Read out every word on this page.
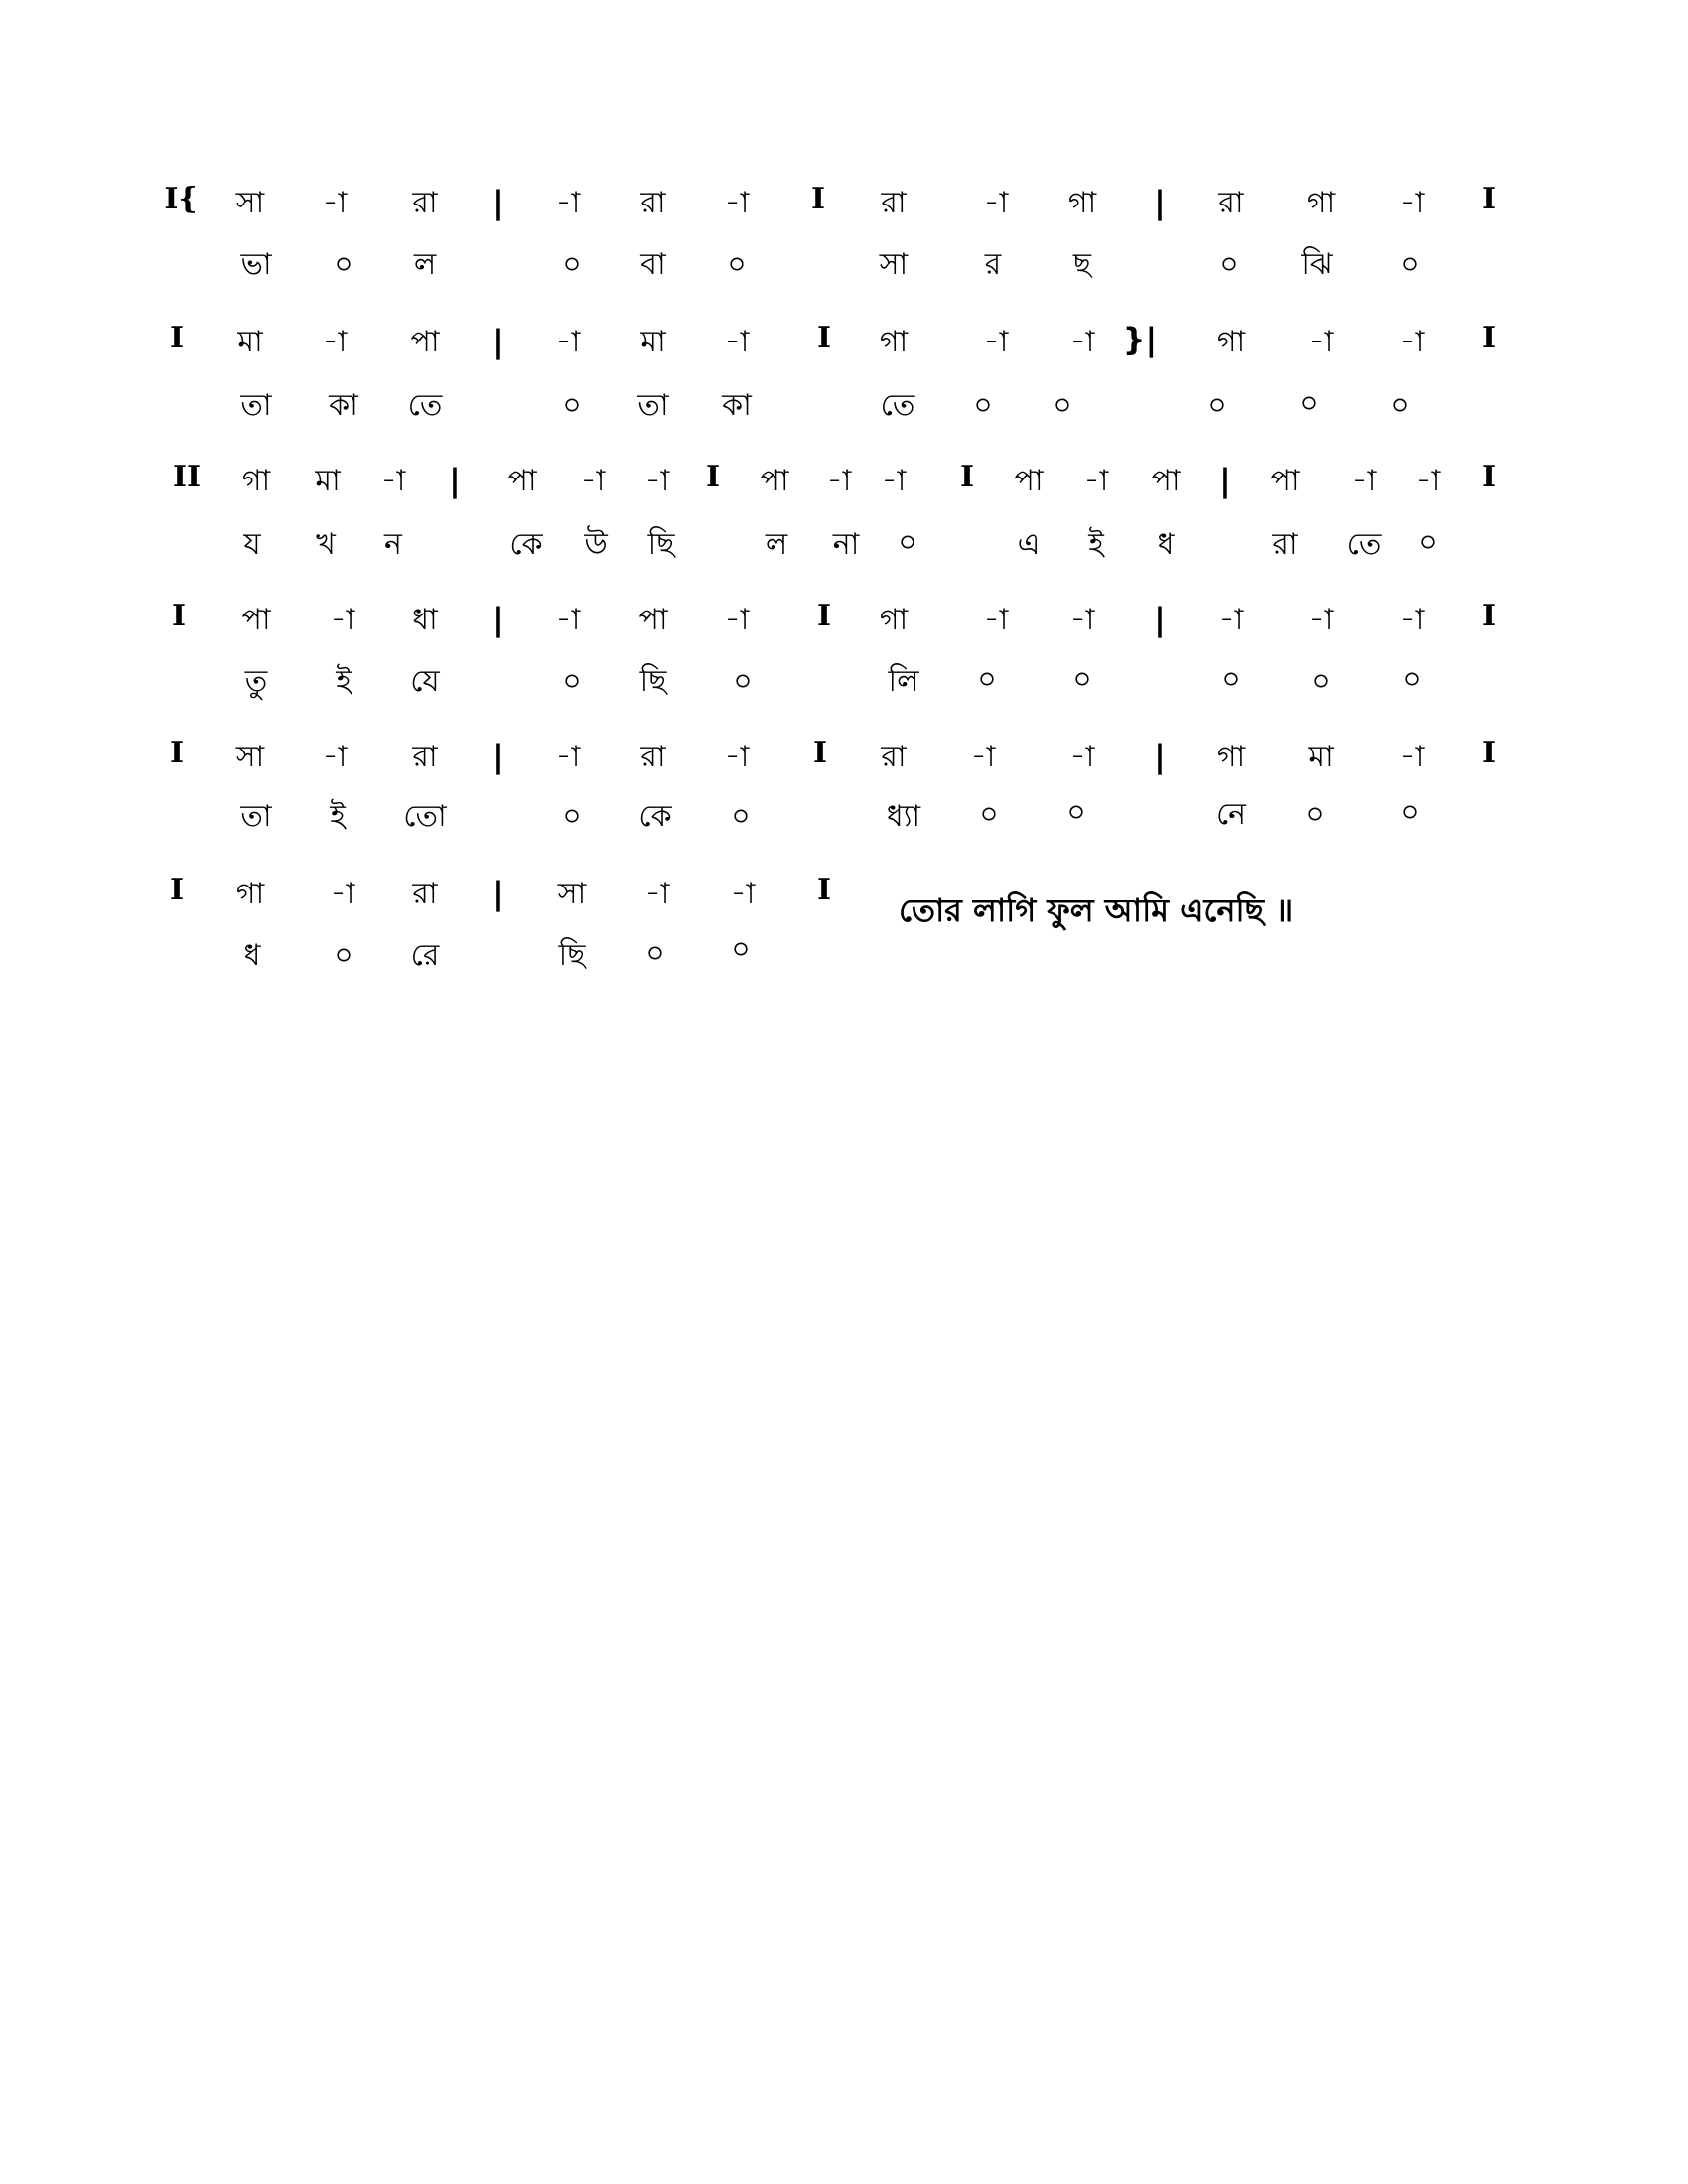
I{ সা -া রা | -া রা -া I রা	-া গা | রা গা -া I
ভা ০ ল	০ বা ০	সা	র ছ	০ ঝি ০
I মা -া পা | -া মা -া I গা	-া -া }| গা -া -া I
তা কা তে	০ তা কা	তে ০ ০	০ ০ ০
II গা মা -া | পা -া -া I পা -া -া I পা -া পা | পা -া -া I
য খ ন	কে উ ছি	ল না ০	এ ই ধ	রা তে ০
I পা -া ধা | -া পা -া I গা	-া -া | -া -া -া I
তু ই যে	০ ছি ০	লি ০	০	০ ০ ০
I সা -া রা | -া রা -া I রা -া	-া | গা মা -া I
তা ই তো	০ কে ০	ধ্যা ০ ০	নে ০	০
I গা -া রা | সা -া -া I
ধ ০ রে	ছি ০ ০
তোর লাগি ফুল আমি এনেছি ॥
